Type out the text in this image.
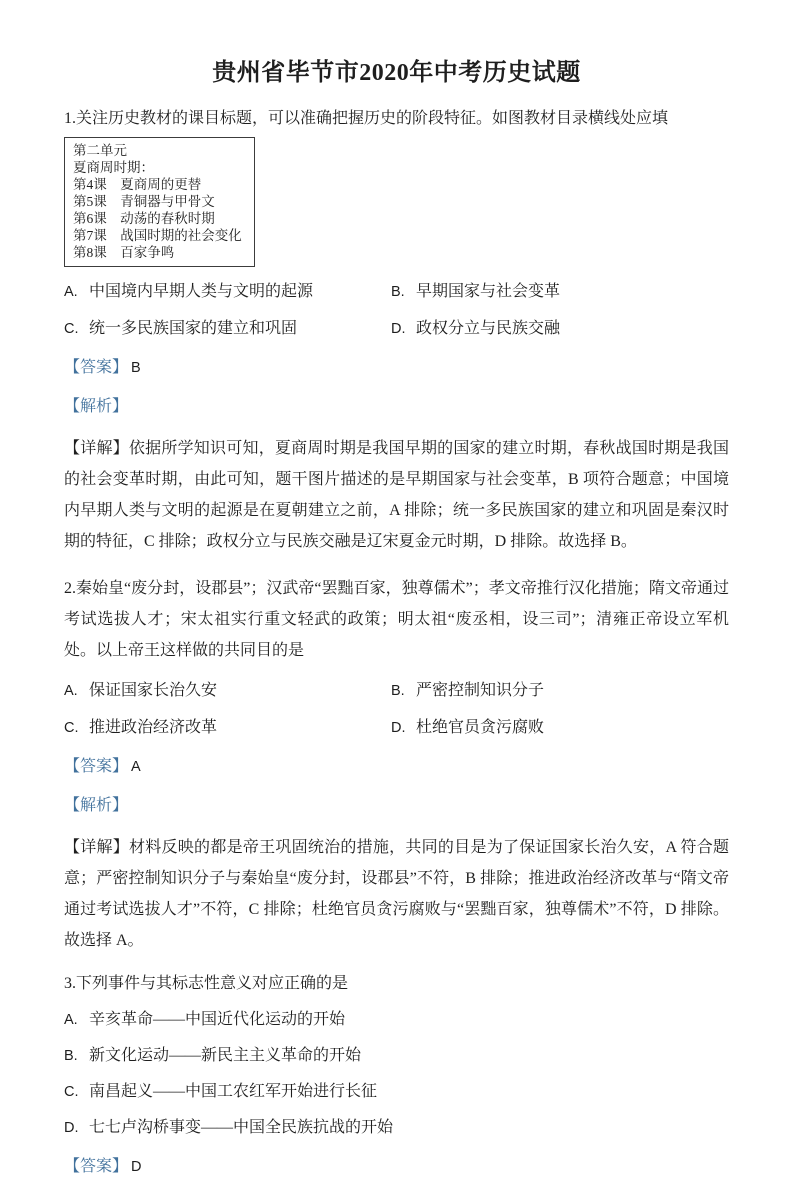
贵州省毕节市2020年中考历史试题

1.关注历史教材的课目标题，可以准确把握历史的阶段特征。如图教材目录横线处应填

第二单元
夏商周时期：
第4课　夏商周的更替
第5课　青铜器与甲骨文
第6课　动荡的春秋时期
第7课　战国时期的社会变化
第8课　百家争鸣
A. 中国境内早期人类与文明的起源	B. 早期国家与社会变革
C. 统一多民族国家的建立和巩固	D. 政权分立与民族交融

【答案】 B

【解析】

【详解】依据所学知识可知，夏商周时期是我国早期的国家的建立时期，春秋战国时期是我国的社会变革时期，由此可知，题干图片描述的是早期国家与社会变革，B 项符合题意；中国境内早期人类与文明的起源是在夏朝建立之前，A 排除；统一多民族国家的建立和巩固是秦汉时期的特征，C 排除；政权分立与民族交融是辽宋夏金元时期，D 排除。故选择 B。

2.秦始皇“废分封，设郡县”；汉武帝“罢黜百家，独尊儒术”；孝文帝推行汉化措施；隋文帝通过考试选拔人才；宋太祖实行重文轻武的政策；明太祖“废丞相，设三司”；清雍正帝设立军机处。以上帝王这样做的共同目的是

A. 保证国家长治久安	B. 严密控制知识分子
C. 推进政治经济改革	D. 杜绝官员贪污腐败

【答案】 A

【解析】

【详解】材料反映的都是帝王巩固统治的措施，共同的目是为了保证国家长治久安，A 符合题意；严密控制知识分子与秦始皇“废分封，设郡县”不符，B 排除；推进政治经济改革与“隋文帝通过考试选拔人才”不符，C 排除；杜绝官员贪污腐败与“罢黜百家，独尊儒术”不符，D 排除。故选择 A。

3.下列事件与其标志性意义对应正确的是

A. 辛亥革命——中国近代化运动的开始
B. 新文化运动——新民主主义革命的开始
C. 南昌起义——中国工农红军开始进行长征
D. 七七卢沟桥事变——中国全民族抗战的开始

【答案】 D
